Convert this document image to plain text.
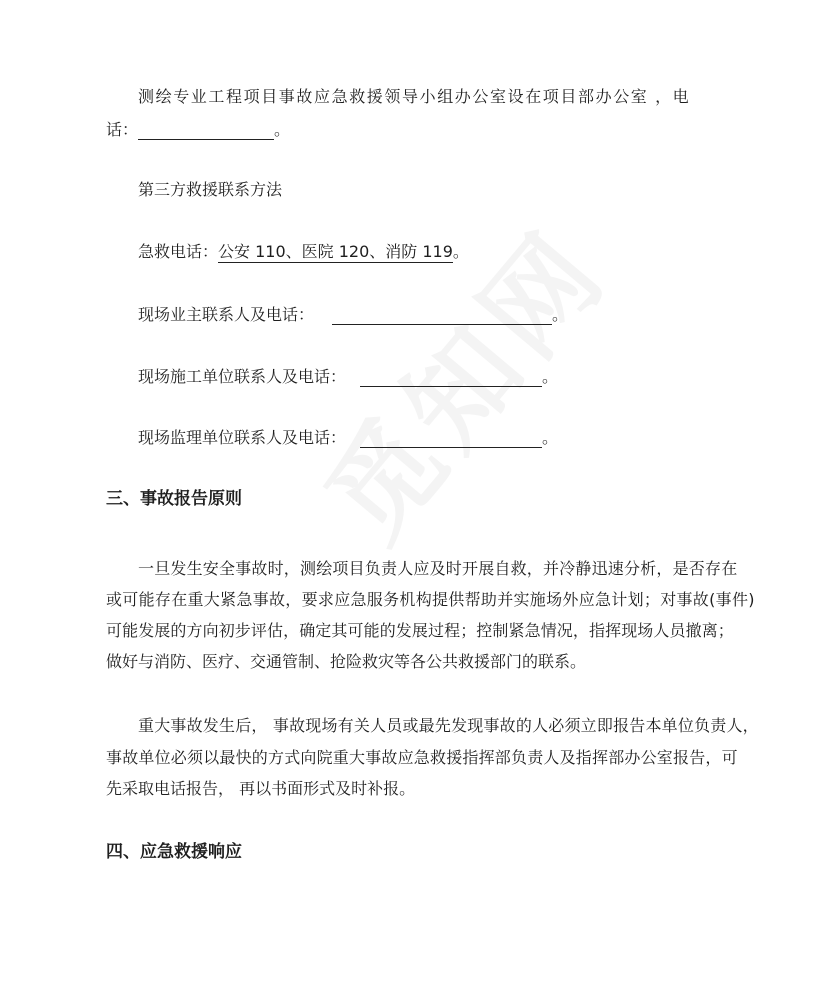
测绘专业工程项目事故应急救援领导小组办公室设在项目部办公室 ，电
话：	。
第三方救援联系方法
急救电话：公安 110、医院 120、消防 119。
现场业主联系人及电话：	。
现场施工单位联系人及电话：	。
现场监理单位联系人及电话：	。
三、事故报告原则
一旦发生安全事故时，测绘项目负责人应及时开展自救，并冷静迅速分析，是否存在
或可能存在重大紧急事故，要求应急服务机构提供帮助并实施场外应急计划；对事故(事件)
可能发展的方向初步评估，确定其可能的发展过程；控制紧急情况，指挥现场人员撤离；
做好与消防、医疗、交通管制、抢险救灾等各公共救援部门的联系。
重大事故发生后， 事故现场有关人员或最先发现事故的人必须立即报告本单位负责人，
事故单位必须以最快的方式向院重大事故应急救援指挥部负责人及指挥部办公室报告，可
先采取电话报告， 再以书面形式及时补报。
四、应急救援响应
